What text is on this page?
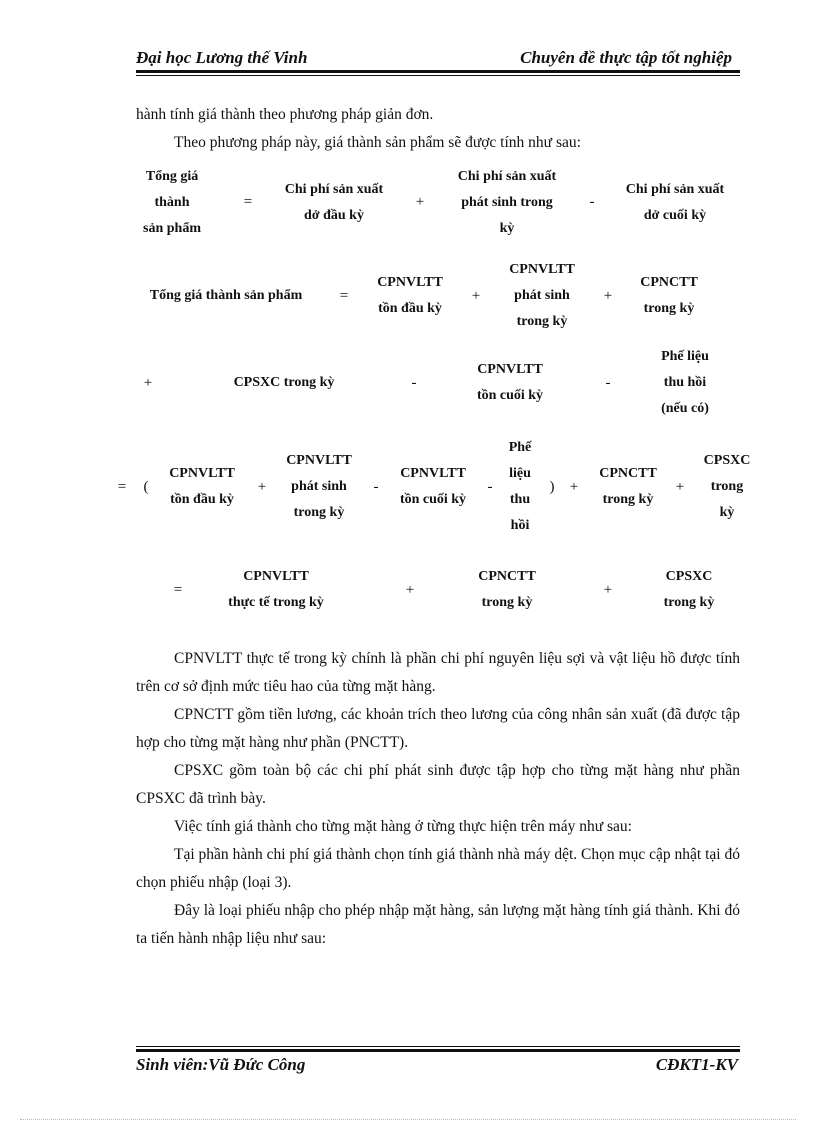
Đại học Lương thế Vinh	Chuyên đề thực tập tốt nghiệp
hành tính giá thành theo phương pháp giản đơn.
Theo phương pháp này, giá thành sản phẩm sẽ được tính như sau:
Tổng giá
thành
sản phẩm
=
Chi phí sản xuất
dở đầu kỳ
+
Chi phí sản xuất
phát sinh trong
kỳ
-
Chi phí sản xuất
dở cuối kỳ
Tổng giá thành sản phẩm	=
CPNVLTT
tồn đầu kỳ
+
CPNVLTT
phát sinh
trong kỳ
+
CPNCTT
trong kỳ
+	CPSXC trong kỳ	-
CPNVLTT
tồn cuối kỳ
-
Phế liệu
thu hồi
(nếu có)
=	(
CPNVLTT
tồn đầu kỳ
+
CPNVLTT
phát sinh
trong kỳ
-
CPNVLTT
tồn cuối kỳ
-
Phế
liệu
thu
hồi
)	+
CPNCTT
trong kỳ
+
CPSXC
trong
kỳ
=
CPNVLTT
thực tế trong kỳ
+
CPNCTT
trong kỳ
+
CPSXC
trong kỳ
CPNVLTT thực tế trong kỳ chính là phần chi phí nguyên liệu sợi và vật liệu hồ được tính trên cơ sở định mức tiêu hao của từng mặt hàng.
CPNCTT gồm tiền lương, các khoản trích theo lương của công nhân sản xuất (đã được tập hợp cho từng mặt hàng như phần (PNCTT).
CPSXC gồm toàn bộ các chi phí phát sinh được tập hợp cho từng mặt hàng như phần CPSXC đã trình bày.
Việc tính giá thành cho từng mặt hàng ở từng thực hiện trên máy như sau:
Tại phần hành chi phí giá thành chọn tính giá thành nhà máy dệt. Chọn mục cập nhật tại đó chọn phiếu nhập (loại 3).
Đây là loại phiếu nhập cho phép nhập mặt hàng, sản lượng mặt hàng tính giá thành. Khi đó ta tiến hành nhập liệu như sau:
Sinh viên:Vũ Đức Công	CĐKT1-KV
